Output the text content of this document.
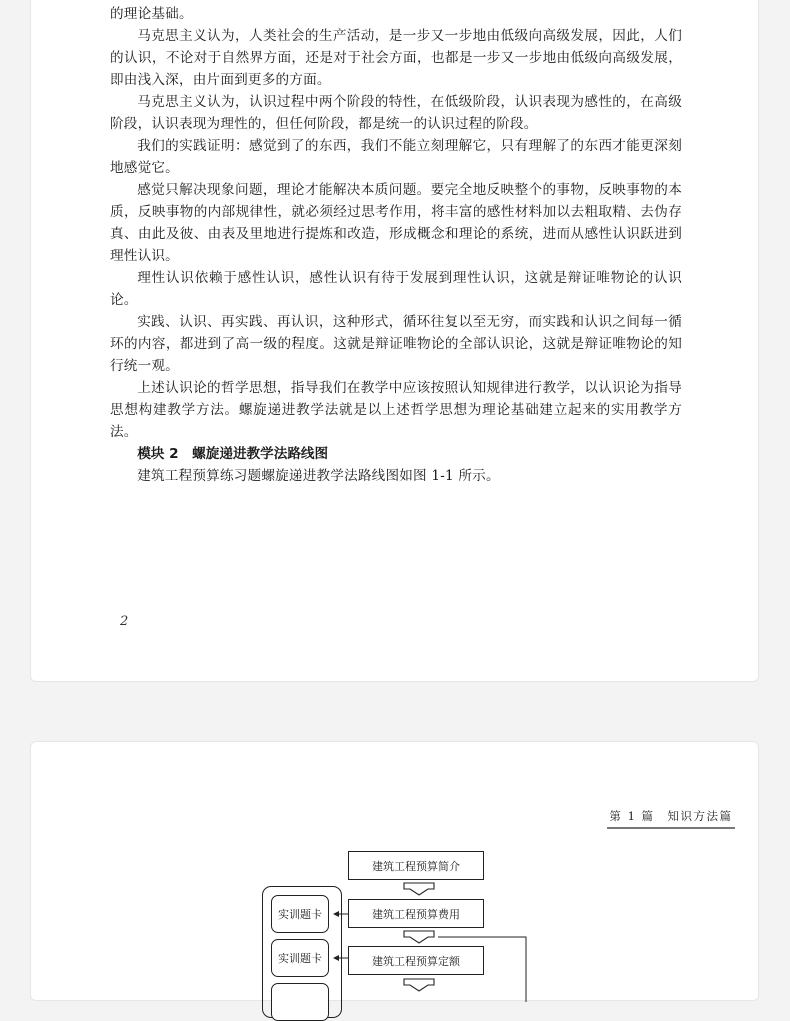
的理论基础。

马克思主义认为，人类社会的生产活动，是一步又一步地由低级向高级发展，因此，人们的认识，不论对于自然界方面，还是对于社会方面，也都是一步又一步地由低级向高级发展，即由浅入深，由片面到更多的方面。

马克思主义认为，认识过程中两个阶段的特性，在低级阶段，认识表现为感性的，在高级阶段，认识表现为理性的，但任何阶段，都是统一的认识过程的阶段。

我们的实践证明：感觉到了的东西，我们不能立刻理解它，只有理解了的东西才能更深刻地感觉它。

感觉只解决现象问题，理论才能解决本质问题。要完全地反映整个的事物，反映事物的本质，反映事物的内部规律性，就必须经过思考作用，将丰富的感性材料加以去粗取精、去伪存真、由此及彼、由表及里地进行提炼和改造，形成概念和理论的系统，进而从感性认识跃进到理性认识。

理性认识依赖于感性认识，感性认识有待于发展到理性认识，这就是辩证唯物论的认识论。

实践、认识、再实践、再认识，这种形式，循环往复以至无穷，而实践和认识之间每一循环的内容，都进到了高一级的程度。这就是辩证唯物论的全部认识论，这就是辩证唯物论的知行统一观。

上述认识论的哲学思想，指导我们在教学中应该按照认知规律进行教学，以认识论为指导思想构建教学方法。螺旋递进教学法就是以上述哲学思想为理论基础建立起来的实用教学方法。

模块 2　螺旋递进教学法路线图

建筑工程预算练习题螺旋递进教学法路线图如图 1-1 所示。

2
第 1 篇　知识方法篇
建筑工程预算简介
建筑工程预算费用
建筑工程预算定额
实训题卡
实训题卡
